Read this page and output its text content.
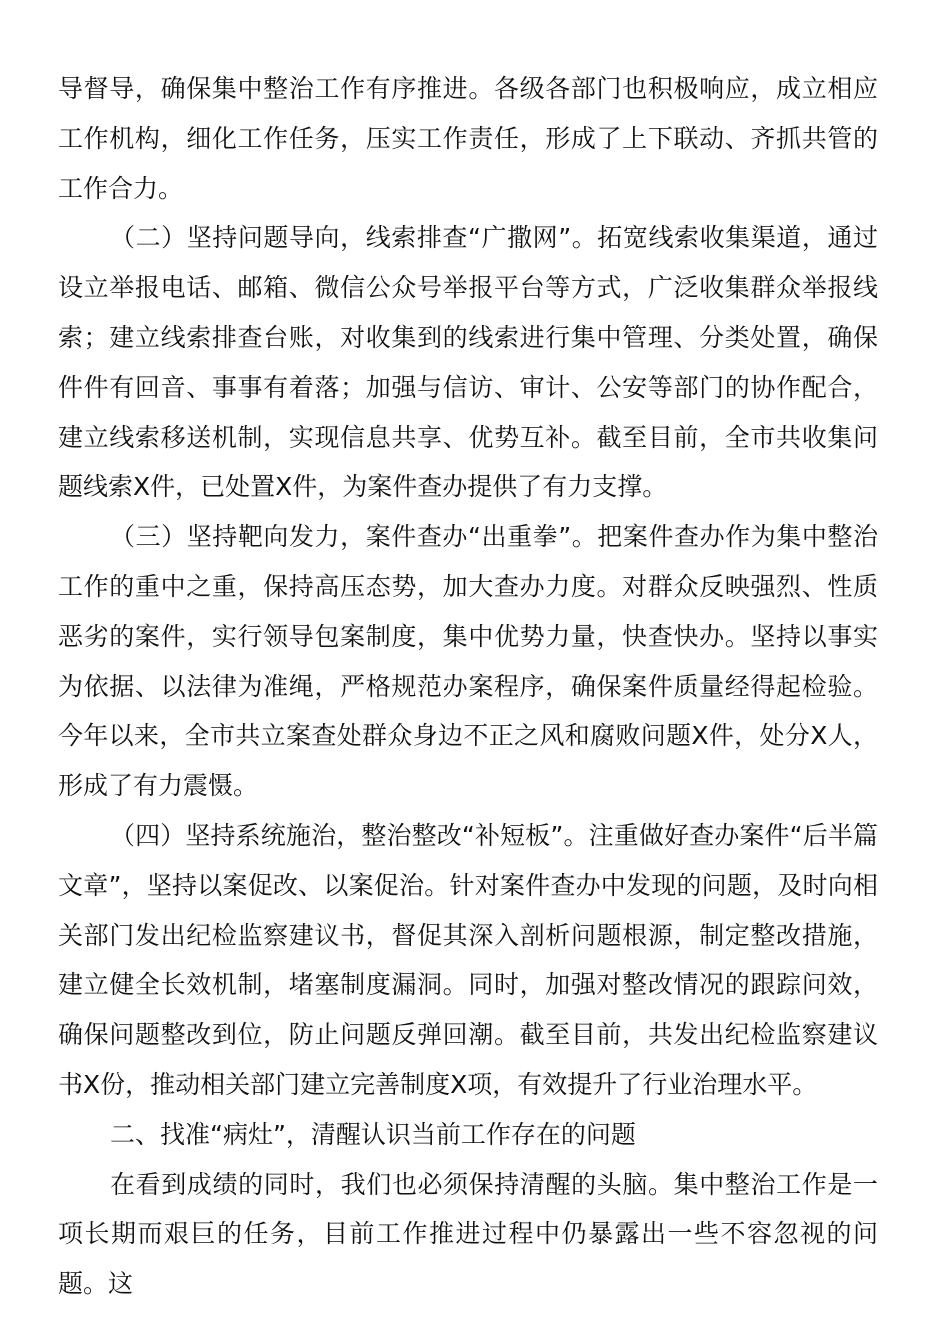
导督导，确保集中整治工作有序推进。各级各部门也积极响应，成立相应工作机构，细化工作任务，压实工作责任，形成了上下联动、齐抓共管的工作合力。

（二）坚持问题导向，线索排查“广撒网”。拓宽线索收集渠道，通过设立举报电话、邮箱、微信公众号举报平台等方式，广泛收集群众举报线索；建立线索排查台账，对收集到的线索进行集中管理、分类处置，确保件件有回音、事事有着落；加强与信访、审计、公安等部门的协作配合，建立线索移送机制，实现信息共享、优势互补。截至目前，全市共收集问题线索X件，已处置X件，为案件查办提供了有力支撑。

（三）坚持靶向发力，案件查办“出重拳”。把案件查办作为集中整治工作的重中之重，保持高压态势，加大查办力度。对群众反映强烈、性质恶劣的案件，实行领导包案制度，集中优势力量，快查快办。坚持以事实为依据、以法律为准绳，严格规范办案程序，确保案件质量经得起检验。今年以来，全市共立案查处群众身边不正之风和腐败问题X件，处分X人，形成了有力震慑。

（四）坚持系统施治，整治整改“补短板”。注重做好查办案件“后半篇文章”，坚持以案促改、以案促治。针对案件查办中发现的问题，及时向相关部门发出纪检监察建议书，督促其深入剖析问题根源，制定整改措施，建立健全长效机制，堵塞制度漏洞。同时，加强对整改情况的跟踪问效，确保问题整改到位，防止问题反弹回潮。截至目前，共发出纪检监察建议书X份，推动相关部门建立完善制度X项，有效提升了行业治理水平。

二、找准“病灶”，清醒认识当前工作存在的问题

在看到成绩的同时，我们也必须保持清醒的头脑。集中整治工作是一项长期而艰巨的任务，目前工作推进过程中仍暴露出一些不容忽视的问题。这
